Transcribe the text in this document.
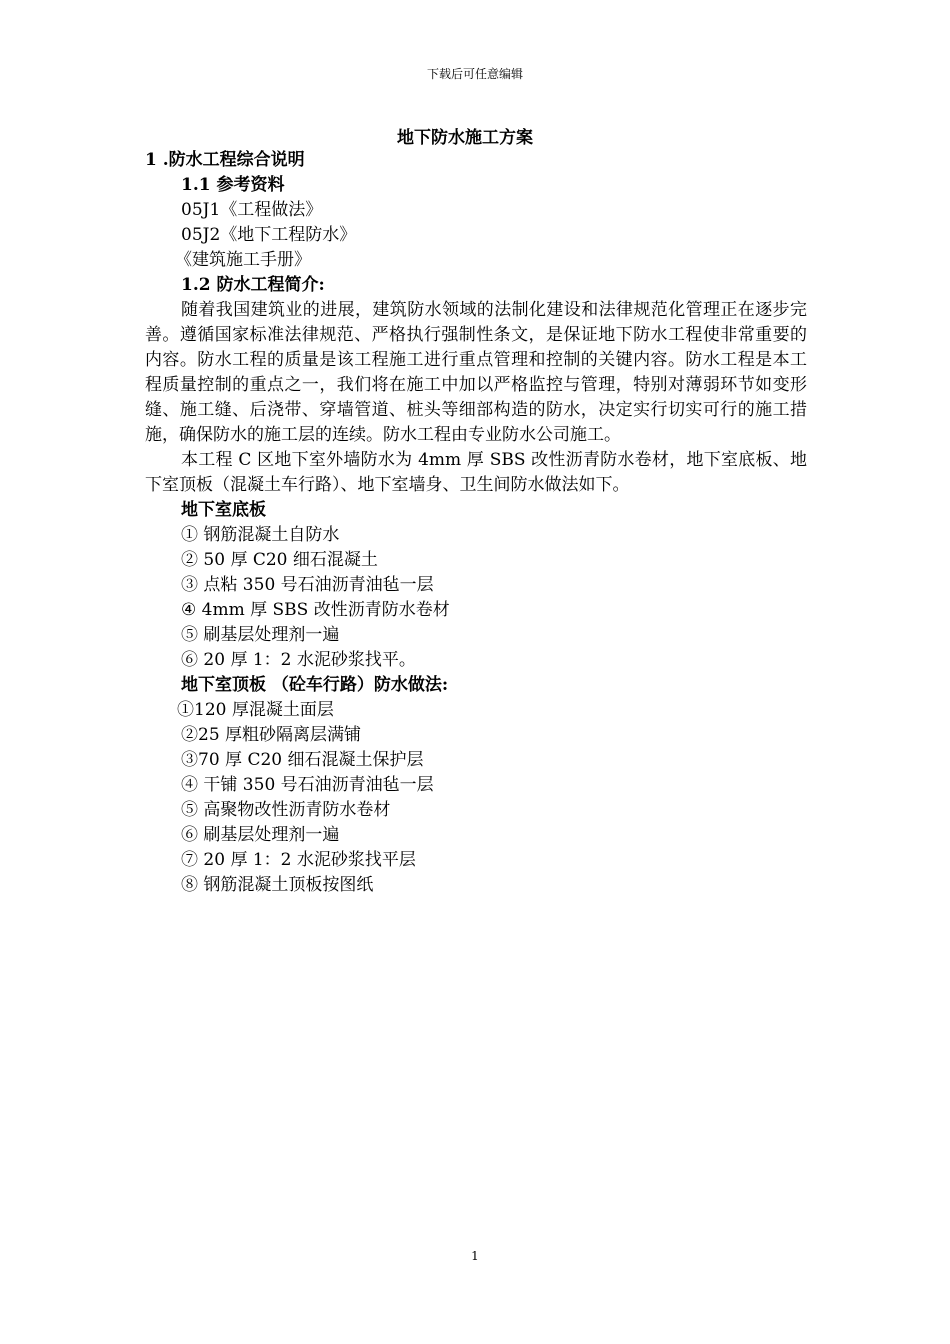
下载后可任意编辑
地下防水施工方案
1 .防水工程综合说明
1.1 参考资料
05J1《工程做法》
05J2《地下工程防水》
《建筑施工手册》
1.2 防水工程简介:

随着我国建筑业的进展，建筑防水领域的法制化建设和法律规范化管理正在逐步完善。遵循国家标准法律规范、严格执行强制性条文，是保证地下防水工程使非常重要的内容。防水工程的质量是该工程施工进行重点管理和控制的关键内容。防水工程是本工程质量控制的重点之一，我们将在施工中加以严格监控与管理，特别对薄弱环节如变形缝、施工缝、后浇带、穿墙管道、桩头等细部构造的防水，决定实行切实可行的施工措施，确保防水的施工层的连续。防水工程由专业防水公司施工。

本工程 C 区地下室外墙防水为 4mm 厚 SBS 改性沥青防水卷材，地下室底板、地下室顶板（混凝土车行路）、地下室墙身、卫生间防水做法如下。

地下室底板
① 钢筋混凝土自防水
② 50 厚 C20 细石混凝土
③ 点粘 350 号石油沥青油毡一层
④ 4mm 厚 SBS 改性沥青防水卷材
⑤ 刷基层处理剂一遍
⑥ 20 厚 1：2 水泥砂浆找平。
地下室顶板 （砼车行路）防水做法:
①120 厚混凝土面层
②25 厚粗砂隔离层满铺
③70 厚 C20 细石混凝土保护层
④ 干铺 350 号石油沥青油毡一层
⑤ 高聚物改性沥青防水卷材
⑥ 刷基层处理剂一遍
⑦ 20 厚 1：2 水泥砂浆找平层
⑧ 钢筋混凝土顶板按图纸
1
